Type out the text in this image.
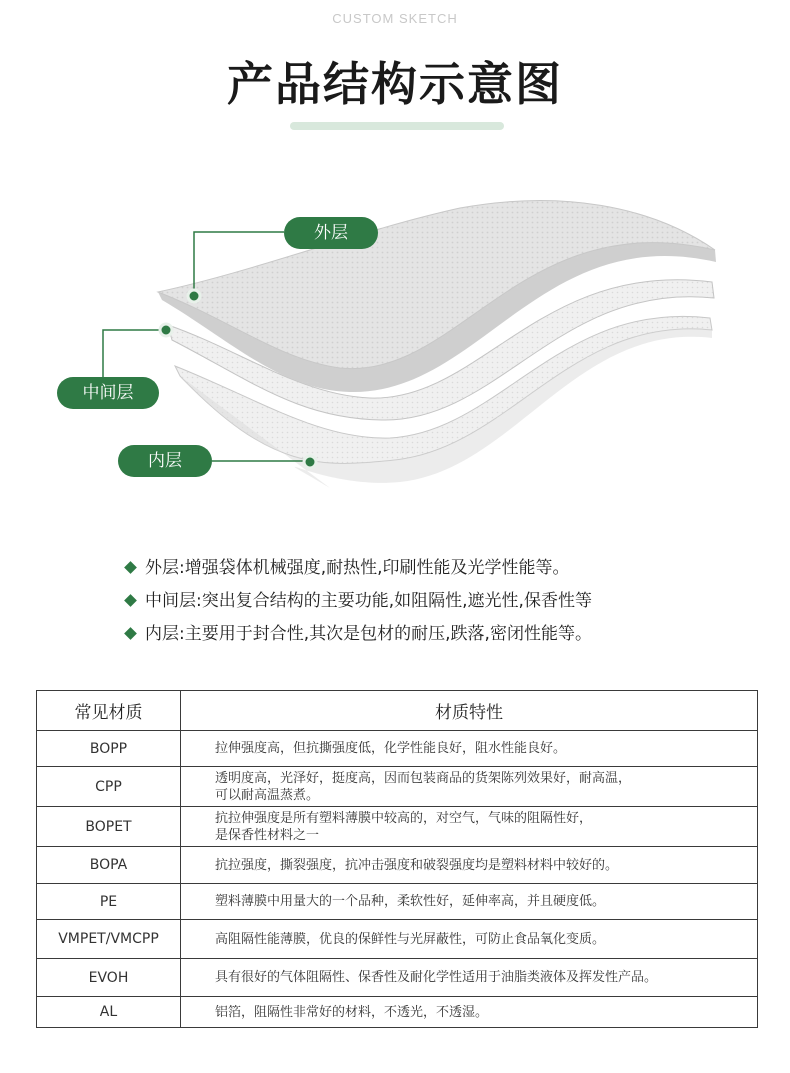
CUSTOM SKETCH
产品结构示意图
外层
中间层
内层
外层:增强袋体机械强度,耐热性,印刷性能及光学性能等。
中间层:突出复合结构的主要功能,如阻隔性,遮光性,保香性等
内层:主要用于封合性,其次是包材的耐压,跌落,密闭性能等。
常见材质	材质特性
BOPP	拉伸强度高，但抗撕强度低，化学性能良好，阻水性能良好。

CPP	透明度高，光泽好，挺度高，因而包装商品的货架陈列效果好，耐高温，
可以耐高温蒸煮。

BOPET	抗拉伸强度是所有塑料薄膜中较高的，对空气，气味的阻隔性好，
是保香性材料之一

BOPA	抗拉强度，撕裂强度，抗冲击强度和破裂强度均是塑料材料中较好的。

PE	塑料薄膜中用量大的一个品种，柔软性好，延伸率高，并且硬度低。

VMPET/VMCPP	高阻隔性能薄膜，优良的保鲜性与光屏蔽性，可防止食品氧化变质。

EVOH	具有很好的气体阻隔性、保香性及耐化学性适用于油脂类液体及挥发性产品。

AL	铝箔，阻隔性非常好的材料，不透光，不透湿。
